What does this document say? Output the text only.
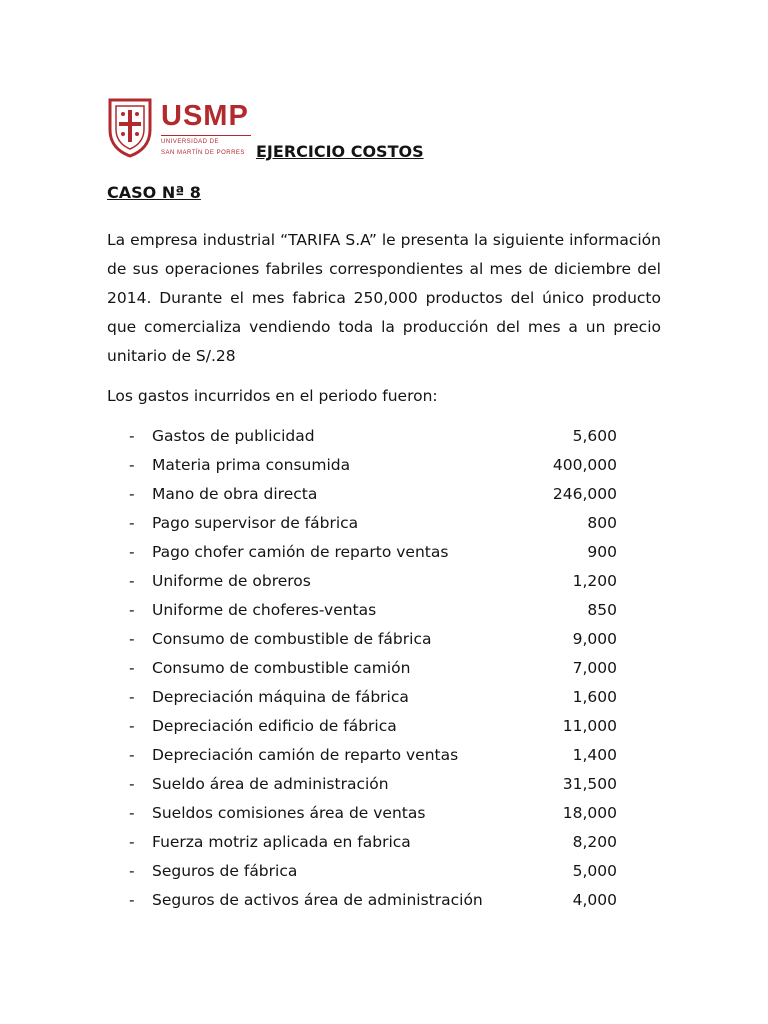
USMP
UNIVERSIDAD DE
SAN MARTÍN DE PORRES EJERCICIO COSTOS
CASO Nª 8

La empresa industrial “TARIFA S.A” le presenta la siguiente información de sus operaciones fabriles correspondientes al mes de diciembre del 2014. Durante el mes fabrica 250,000 productos del único producto que comercializa vendiendo toda la producción del mes a un precio unitario de S/.28

Los gastos incurridos en el periodo fueron:

- Gastos de publicidad	5,600
- Materia prima consumida	400,000
- Mano de obra directa	246,000
- Pago supervisor de fábrica	800
- Pago chofer camión de reparto ventas	900
- Uniforme de obreros	1,200
- Uniforme de choferes-ventas	850
- Consumo de combustible de fábrica	9,000
- Consumo de combustible camión	7,000
- Depreciación máquina de fábrica	1,600
- Depreciación edificio de fábrica	11,000
- Depreciación camión de reparto ventas	1,400
- Sueldo área de administración	31,500
- Sueldos comisiones área de ventas	18,000
- Fuerza motriz aplicada en fabrica	8,200
- Seguros de fábrica	5,000
- Seguros de activos área de administración	4,000
